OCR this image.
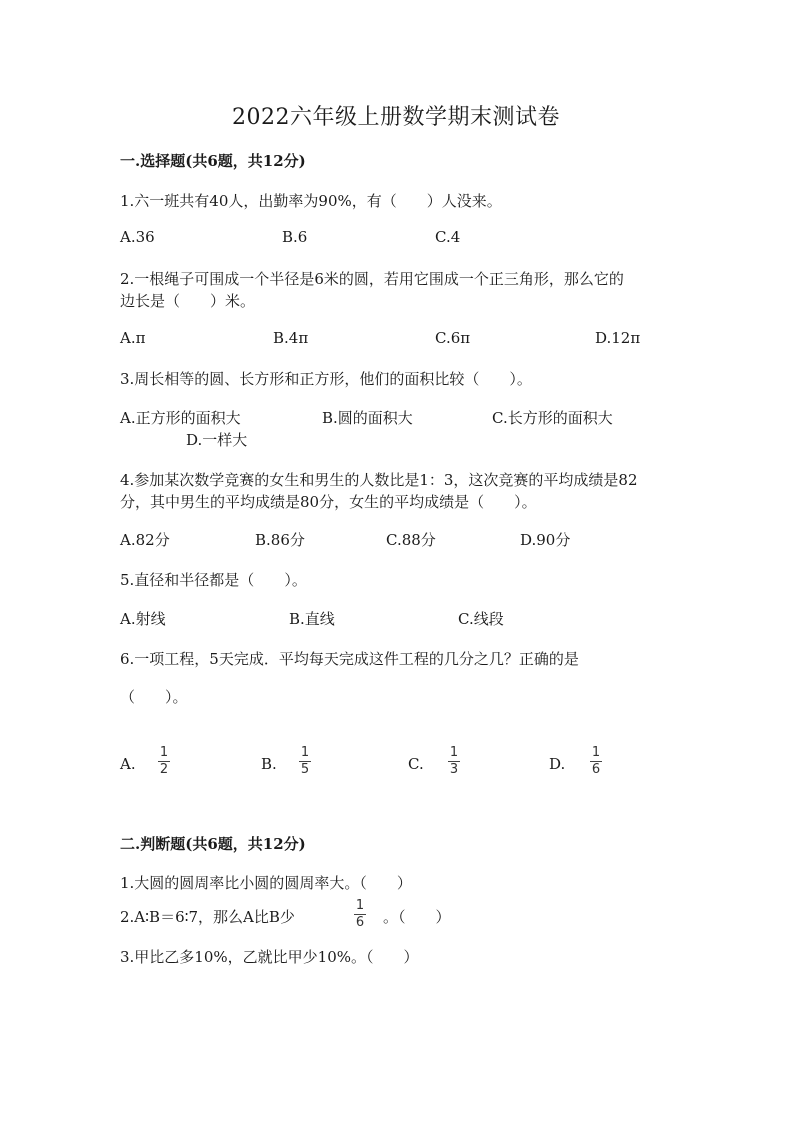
2022六年级上册数学期末测试卷
一.选择题(共6题，共12分)
1.六一班共有40人，出勤率为90%，有（　　）人没来。
A.36	B.6	C.4
2.一根绳子可围成一个半径是6米的圆，若用它围成一个正三角形，那么它的
边长是（　　）米。
A.π	B.4π	C.6π	D.12π
3.周长相等的圆、长方形和正方形，他们的面积比较（　　）。
A.正方形的面积大	B.圆的面积大	C.长方形的面积大
D.一样大
4.参加某次数学竞赛的女生和男生的人数比是1：3，这次竞赛的平均成绩是82
分，其中男生的平均成绩是80分，女生的平均成绩是（　　）。
A.82分	B.86分	C.88分	D.90分
5.直径和半径都是（　　）。
A.射线	B.直线	C.线段
6.一项工程，5天完成．平均每天完成这件工程的几分之几？正确的是
（　　）。
A.
1
2	B.
1
5	C.
1
3	D.
1
6
二.判断题(共6题，共12分)
1.大圆的圆周率比小圆的圆周率大。（　　）
2.A∶B＝6∶7，那么A比B少
1
6 。（　　）
3.甲比乙多10%，乙就比甲少10%。（　　）
